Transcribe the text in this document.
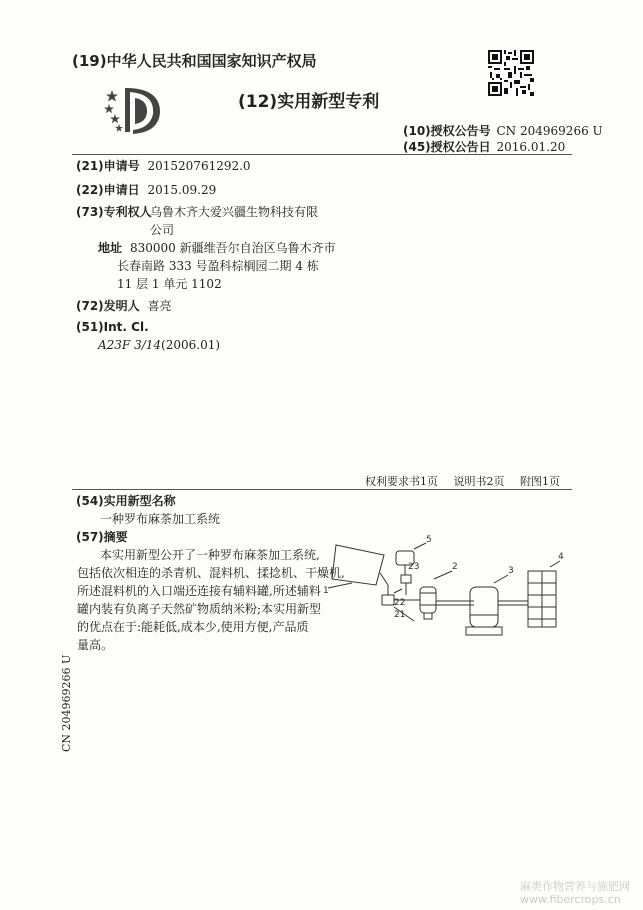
(19)中华人民共和国国家知识产权局
(12)实用新型专利
(10)授权公告号 CN 204969266 U
(45)授权公告日 2016.01.20
(21)申请号 201520761292.0
(22)申请日 2015.09.29
(73)专利权人
乌鲁木齐大爱兴疆生物科技有限
公司
地址 830000 新疆维吾尔自治区乌鲁木齐市
长春南路 333 号盈科棕榈园二期 4 栋
11 层 1 单元 1102
(72)发明人 喜亮
(51)Int. Cl.
A23F 3/14(2006.01)
权利要求书1页 说明书2页 附图1页
(54)实用新型名称
一种罗布麻茶加工系统
(57)摘要
本实用新型公开了一种罗布麻茶加工系统,
包括依次相连的杀青机、混料机、揉捻机、干燥机,
所述混料机的入口端还连接有辅料罐,所述辅料
罐内装有负离子天然矿物质纳米粉;本实用新型
的优点在于:能耗低,成本少,使用方便,产品质
量高。
1
2	3
4
5
21
22
23
CN 204969266 U
麻类作物营养与施肥网
www.fibercrops.cn
